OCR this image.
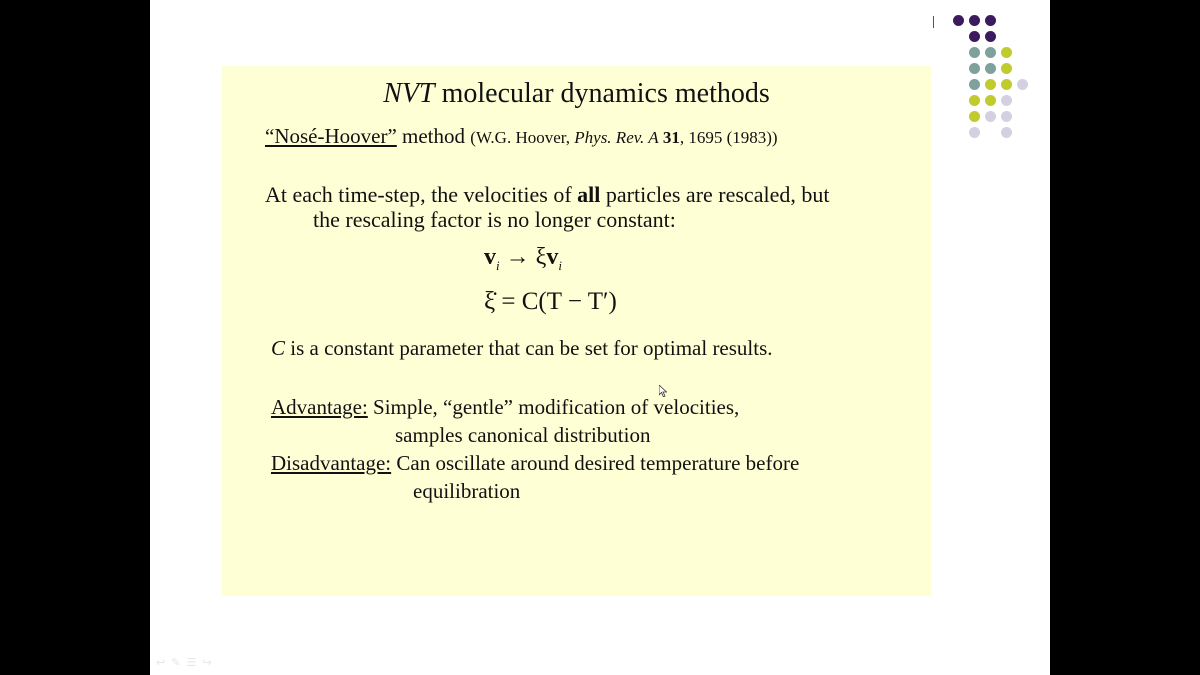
NVT molecular dynamics methods
“Nosé-Hoover” method (W.G. Hoover, Phys. Rev. A 31, 1695 (1983))
At each time-step, the velocities of all particles are rescaled, but
the rescaling factor is no longer constant:
$v_i \to \xi v_i$
ξ̇ = C(T − T′)
C is a constant parameter that can be set for optimal results.
Advantage: Simple, “gentle” modification of velocities,
samples canonical distribution
Disadvantage: Can oscillate around desired temperature before
equilibration
↩✎☰↪
